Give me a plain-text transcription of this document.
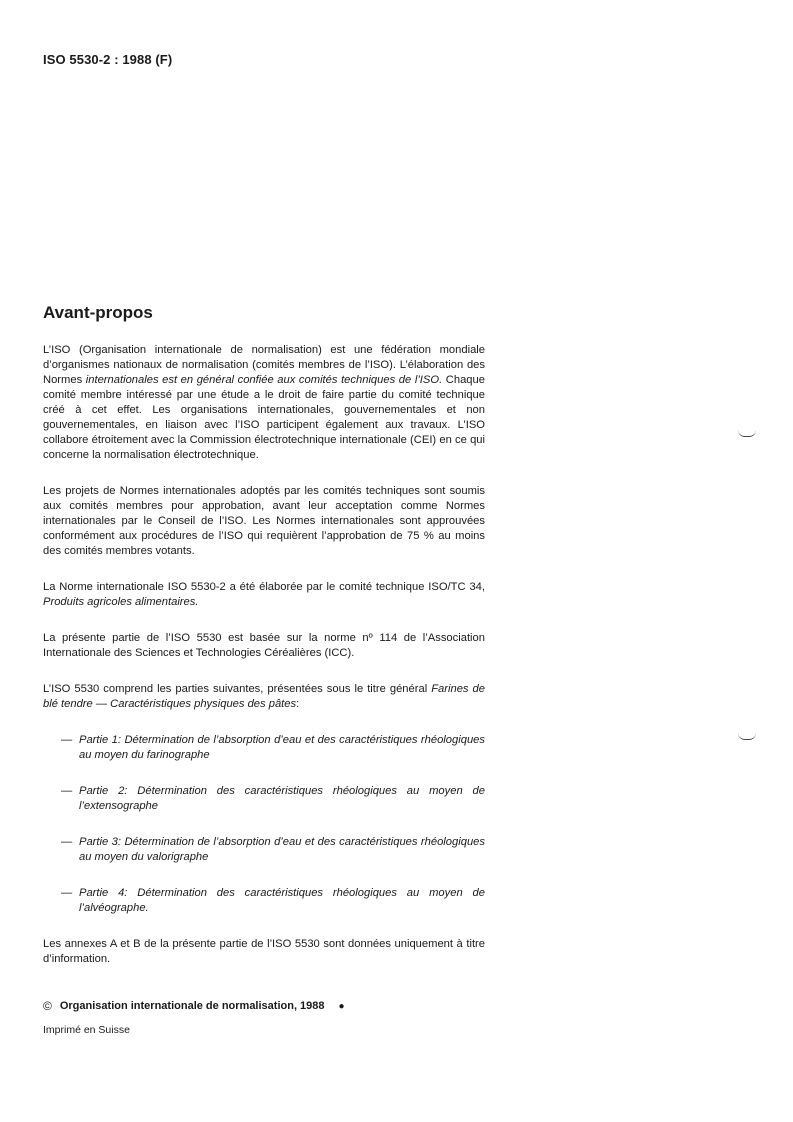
ISO 5530-2 : 1988 (F)
Avant-propos

L’ISO (Organisation internationale de normalisation) est une fédération mondiale d’organismes nationaux de normalisation (comités membres de l’ISO). L’élaboration des Normes internationales est en général confiée aux comités techniques de l’ISO. Chaque comité membre intéressé par une étude a le droit de faire partie du comité technique créé à cet effet. Les organisations internationales, gouvernementales et non gouvernementales, en liaison avec l’ISO participent également aux travaux. L’ISO collabore étroitement avec la Commission électrotechnique internationale (CEI) en ce qui concerne la normalisation électrotechnique.

Les projets de Normes internationales adoptés par les comités techniques sont soumis aux comités membres pour approbation, avant leur acceptation comme Normes internationales par le Conseil de l’ISO. Les Normes internationales sont approuvées conformément aux procédures de l’ISO qui requièrent l’approbation de 75 % au moins des comités membres votants.

La Norme internationale ISO 5530-2 a été élaborée par le comité technique ISO/TC 34, Produits agricoles alimentaires.

La présente partie de l’ISO 5530 est basée sur la norme nº 114 de l’Association Internationale des Sciences et Technologies Céréalières (ICC).

L’ISO 5530 comprend les parties suivantes, présentées sous le titre général Farines de blé tendre — Caractéristiques physiques des pâtes:

— Partie 1: Détermination de l’absorption d’eau et des caractéristiques rhéologiques au moyen du farinographe
— Partie 2: Détermination des caractéristiques rhéologiques au moyen de l’extensographe
— Partie 3: Détermination de l’absorption d’eau et des caractéristiques rhéologiques au moyen du valorigraphe
— Partie 4: Détermination des caractéristiques rhéologiques au moyen de l’alvéographe.

Les annexes A et B de la présente partie de l’ISO 5530 sont données uniquement à titre d’information.

© Organisation internationale de normalisation, 1988 ●
Imprimé en Suisse
